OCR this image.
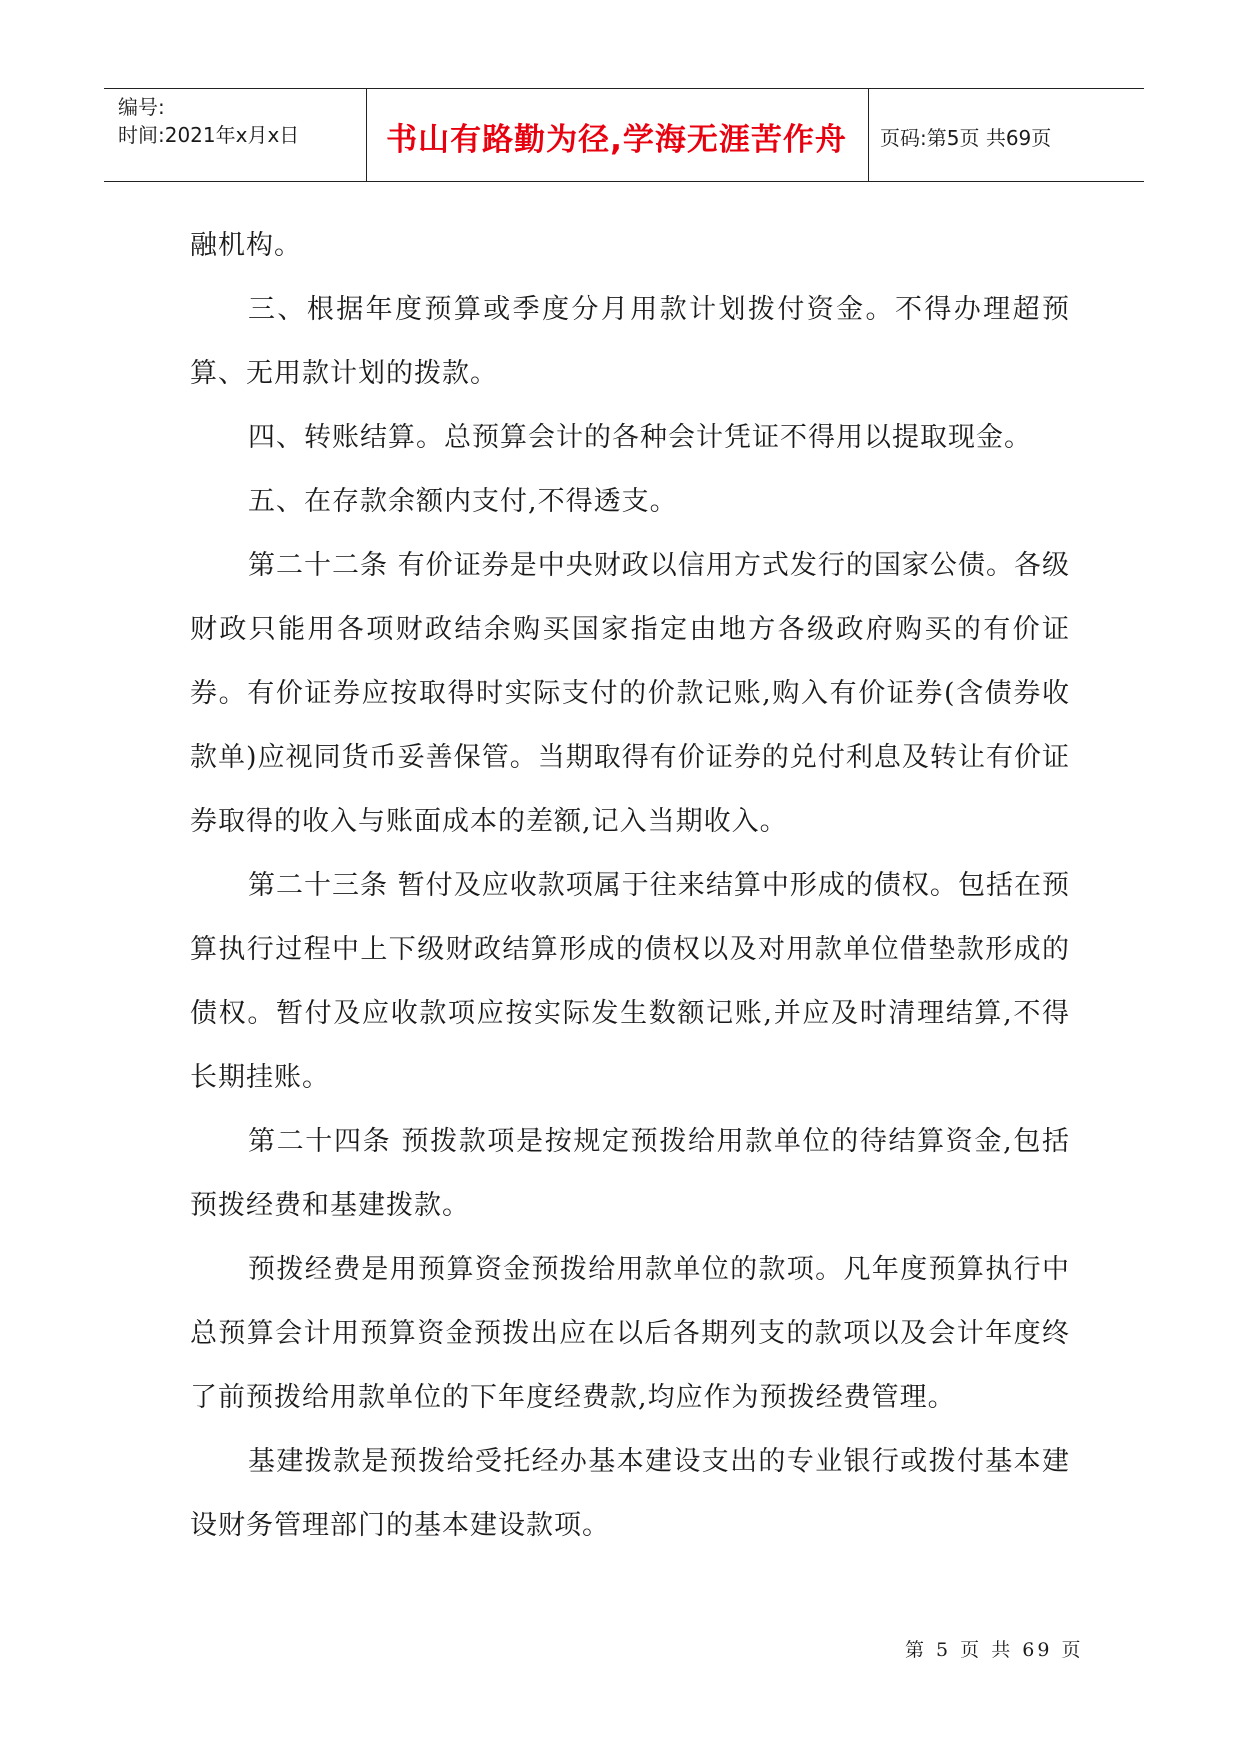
编号:
时间:2021年x月x日	书山有路勤为径,学海无涯苦作舟	页码:第5页 共69页

融机构。

三、根据年度预算或季度分月用款计划拨付资金。不得办理超预算、无用款计划的拨款。

四、转账结算。总预算会计的各种会计凭证不得用以提取现金。

五、在存款余额内支付,不得透支。

第二十二条 有价证券是中央财政以信用方式发行的国家公债。各级财政只能用各项财政结余购买国家指定由地方各级政府购买的有价证券。有价证券应按取得时实际支付的价款记账,购入有价证券(含债券收款单)应视同货币妥善保管。当期取得有价证券的兑付利息及转让有价证券取得的收入与账面成本的差额,记入当期收入。

第二十三条 暂付及应收款项属于往来结算中形成的债权。包括在预算执行过程中上下级财政结算形成的债权以及对用款单位借垫款形成的债权。暂付及应收款项应按实际发生数额记账,并应及时清理结算,不得长期挂账。

第二十四条 预拨款项是按规定预拨给用款单位的待结算资金,包括预拨经费和基建拨款。

预拨经费是用预算资金预拨给用款单位的款项。凡年度预算执行中总预算会计用预算资金预拨出应在以后各期列支的款项以及会计年度终了前预拨给用款单位的下年度经费款,均应作为预拨经费管理。

基建拨款是预拨给受托经办基本建设支出的专业银行或拨付基本建设财务管理部门的基本建设款项。

第 5 页 共 69 页
